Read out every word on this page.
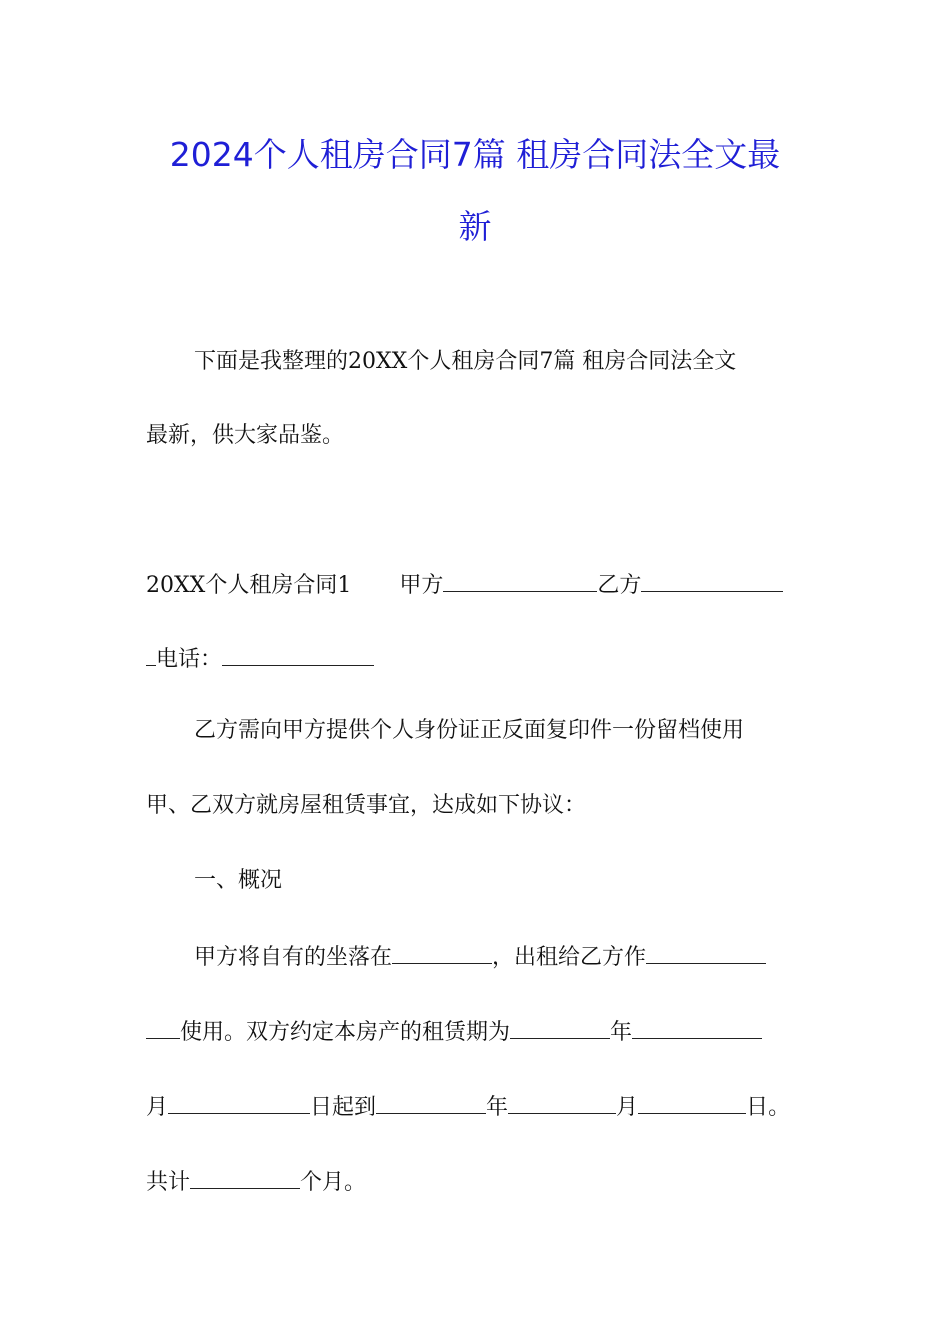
2024个人租房合同7篇 租房合同法全文最
新
下面是我整理的20XX个人租房合同7篇 租房合同法全文
最新，供大家品鉴。
20XX个人租房合同1 甲方	乙方
电话：
乙方需向甲方提供个人身份证正反面复印件一份留档使用
甲、乙双方就房屋租赁事宜，达成如下协议：
一、概况
甲方将自有的坐落在	，出租给乙方作
使用。双方约定本房产的租赁期为	年
月	日起到	年	月	日。
共计	个月。
